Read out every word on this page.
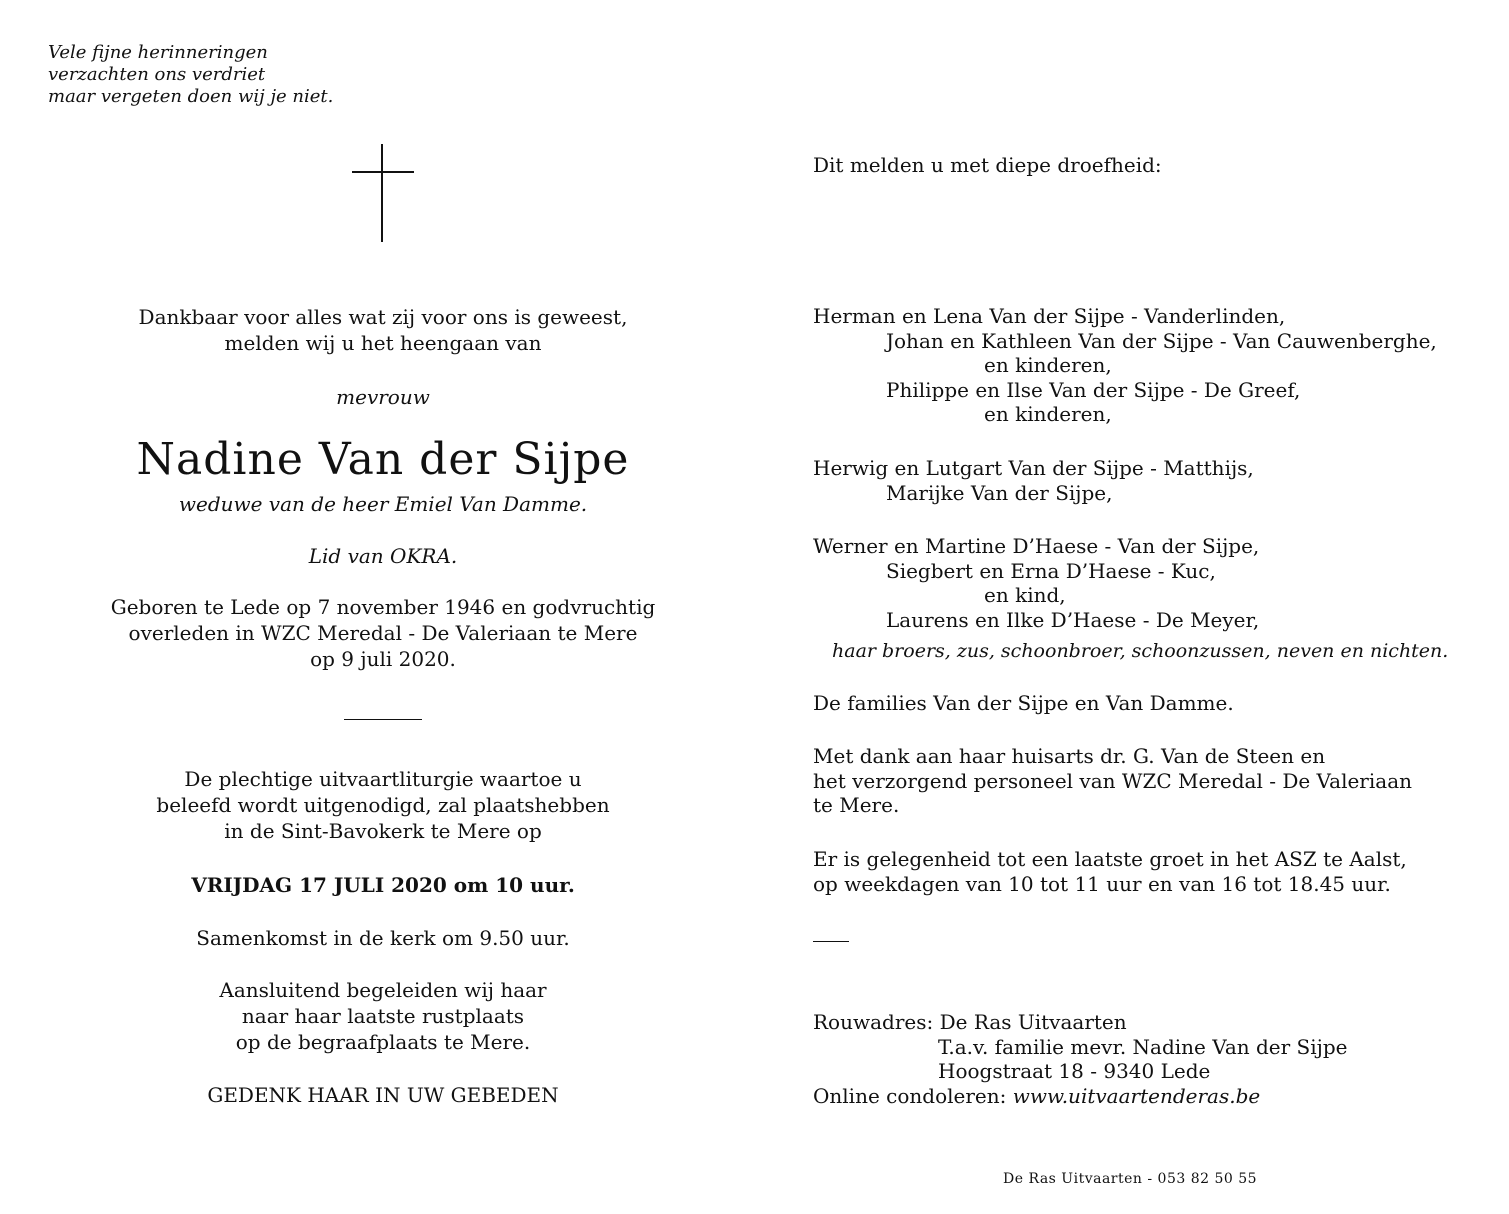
Vele fijne herinneringen
verzachten ons verdriet
maar vergeten doen wij je niet.
Dankbaar voor alles wat zij voor ons is geweest,
melden wij u het heengaan van
mevrouw
Nadine Van der Sijpe
weduwe van de heer Emiel Van Damme.
Lid van OKRA.
Geboren te Lede op 7 november 1946 en godvruchtig
overleden in WZC Meredal - De Valeriaan te Mere
op 9 juli 2020.
De plechtige uitvaartliturgie waartoe u
beleefd wordt uitgenodigd, zal plaatshebben
in de Sint-Bavokerk te Mere op
VRIJDAG 17 JULI 2020 om 10 uur.
Samenkomst in de kerk om 9.50 uur.
Aansluitend begeleiden wij haar
naar haar laatste rustplaats
op de begraafplaats te Mere.
GEDENK HAAR IN UW GEBEDEN
Dit melden u met diepe droefheid:
Herman en Lena Van der Sijpe - Vanderlinden,
Johan en Kathleen Van der Sijpe - Van Cauwenberghe,
en kinderen,
Philippe en Ilse Van der Sijpe - De Greef,
en kinderen,
Herwig en Lutgart Van der Sijpe - Matthijs,
Marijke Van der Sijpe,
Werner en Martine D’Haese - Van der Sijpe,
Siegbert en Erna D’Haese - Kuc,
en kind,
Laurens en Ilke D’Haese - De Meyer,
haar broers, zus, schoonbroer, schoonzussen, neven en nichten.
De families Van der Sijpe en Van Damme.
Met dank aan haar huisarts dr. G. Van de Steen en
het verzorgend personeel van WZC Meredal - De Valeriaan
te Mere.
Er is gelegenheid tot een laatste groet in het ASZ te Aalst,
op weekdagen van 10 tot 11 uur en van 16 tot 18.45 uur.
Rouwadres: De Ras Uitvaarten
T.a.v. familie mevr. Nadine Van der Sijpe
Hoogstraat 18 - 9340 Lede
Online condoleren: www.uitvaartenderas.be
De Ras Uitvaarten - 053 82 50 55
